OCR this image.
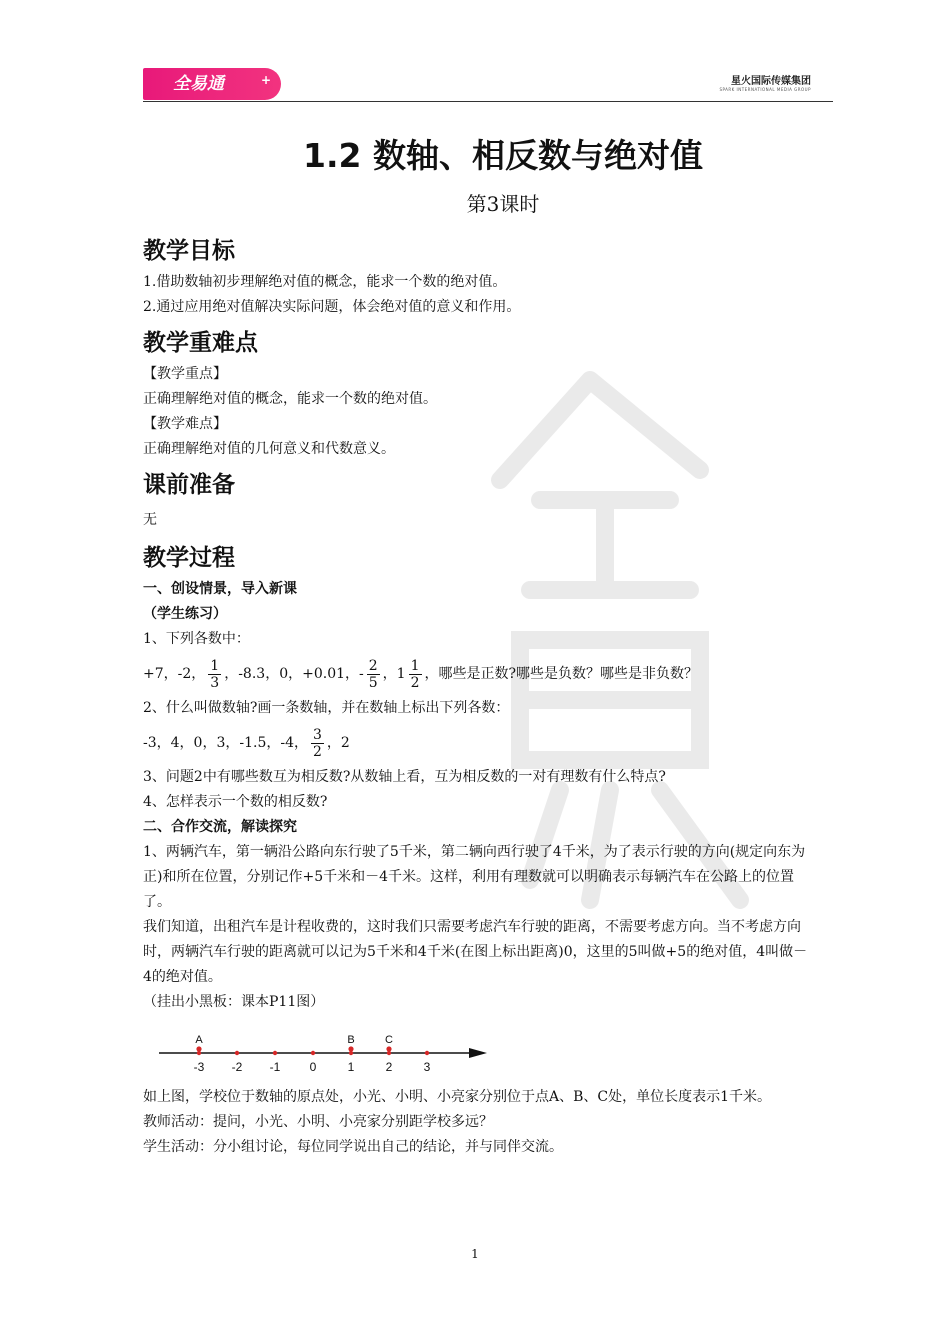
全易通	+	星火国际传媒集团
SPARK INTERNATIONAL MEDIA GROUP
1.2 数轴、相反数与绝对值
第3课时
教学目标

1.借助数轴初步理解绝对值的概念，能求一个数的绝对值。

2.通过应用绝对值解决实际问题，体会绝对值的意义和作用。

教学重难点

【教学重点】

正确理解绝对值的概念，能求一个数的绝对值。

【教学难点】

正确理解绝对值的几何意义和代数意义。

课前准备

无

教学过程

一、创设情景，导入新课

（学生练习）

1、下列各数中：

+7，-2， $\frac{1}{3}$ ，-8.3，0，+0.01，- $\frac{2}{5}$ ，$1 \frac{1}{2}$ ，哪些是正数?哪些是负数？哪些是非负数？

2、什么叫做数轴?画一条数轴，并在数轴上标出下列各数：

-3，4，0，3，-1.5，-4， $\frac{3}{2}$ ，2

3、问题2中有哪些数互为相反数?从数轴上看，互为相反数的一对有理数有什么特点?

4、怎样表示一个数的相反数?

二、合作交流，解读探究

1、两辆汽车，第一辆沿公路向东行驶了5千米，第二辆向西行驶了4千米，为了表示行驶的方向(规定向东为正)和所在位置，分别记作+5千米和－4千米。这样，利用有理数就可以明确表示每辆汽车在公路上的位置了。

我们知道，出租汽车是计程收费的，这时我们只需要考虑汽车行驶的距离，不需要考虑方向。当不考虑方向时，两辆汽车行驶的距离就可以记为5千米和4千米(在图上标出距离)0，这里的5叫做+5的绝对值，4叫做－4的绝对值。

（挂出小黑板：课本P11图）

-3 -2 -1 0	1	2	3
A	B	C

如上图，学校位于数轴的原点处，小光、小明、小亮家分别位于点A、B、C处，单位长度表示1千米。

教师活动：提问，小光、小明、小亮家分别距学校多远？

学生活动：分小组讨论，每位同学说出自己的结论，并与同伴交流。

1
